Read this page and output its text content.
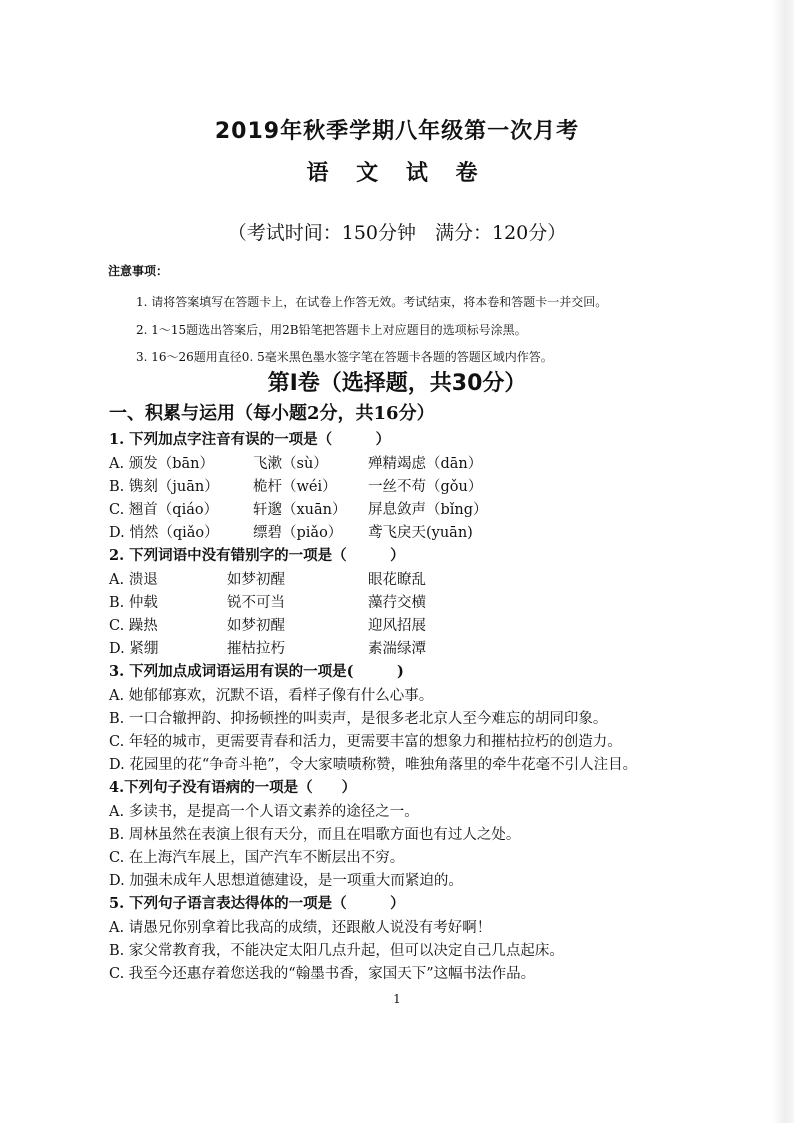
2019年秋季学期八年级第一次月考
语 文 试 卷
（考试时间：150分钟　满分：120分）
注意事项：
1. 请将答案填写在答题卡上，在试卷上作答无效。考试结束，将本卷和答题卡一并交回。
2. 1～15题选出答案后，用2B铅笔把答题卡上对应题目的选项标号涂黑。
3. 16～26题用直径0. 5毫米黑色墨水签字笔在答题卡各题的答题区域内作答。
第Ⅰ卷（选择题，共30分）
一、积累与运用（每小题2分，共16分）
1. 下列加点字注音有误的一项是（　　　）
A. 颁发（bān）	飞漱（sù）	殚精竭虑（dān）
B. 镌刻（juān） 桅杆（wéi） 一丝不苟（gǒu）
C. 翘首（qiáo） 轩邈（xuān） 屏息敛声（bǐng）
D. 悄然（qiǎo） 缥碧（piǎo） 鸢飞戾天(yuān)
2. 下列词语中没有错别字的一项是（　　　）
A. 溃退	如梦初醒	眼花瞭乱
B. 仲载	锐不可当	藻荇交横
C. 躁热	如梦初醒	迎风招展
D. 紧绷	摧枯拉朽	素湍绿潭
3. 下列加点成词语运用有误的一项是(　　　)
A. 她郁郁寡欢，沉默不语，看样子像有什么心事。
B. 一口合辙押韵、抑扬顿挫的叫卖声，是很多老北京人至今难忘的胡同印象。
C. 年轻的城市，更需要青春和活力，更需要丰富的想象力和摧枯拉朽的创造力。
D. 花园里的花“争奇斗艳”，令大家啧啧称赞，唯独角落里的牵牛花毫不引人注目。
4.下列句子没有语病的一项是（　　）
A. 多读书，是提高一个人语文素养的途径之一。
B. 周林虽然在表演上很有天分，而且在唱歌方面也有过人之处。
C. 在上海汽车展上，国产汽车不断层出不穷。
D. 加强未成年人思想道德建设，是一项重大而紧迫的。
5. 下列句子语言表达得体的一项是（　　　）
A. 请愚兄你别拿着比我高的成绩，还跟敝人说没有考好啊！
B. 家父常教育我，不能决定太阳几点升起，但可以决定自己几点起床。
C. 我至今还惠存着您送我的“翰墨书香，家国天下”这幅书法作品。
1
